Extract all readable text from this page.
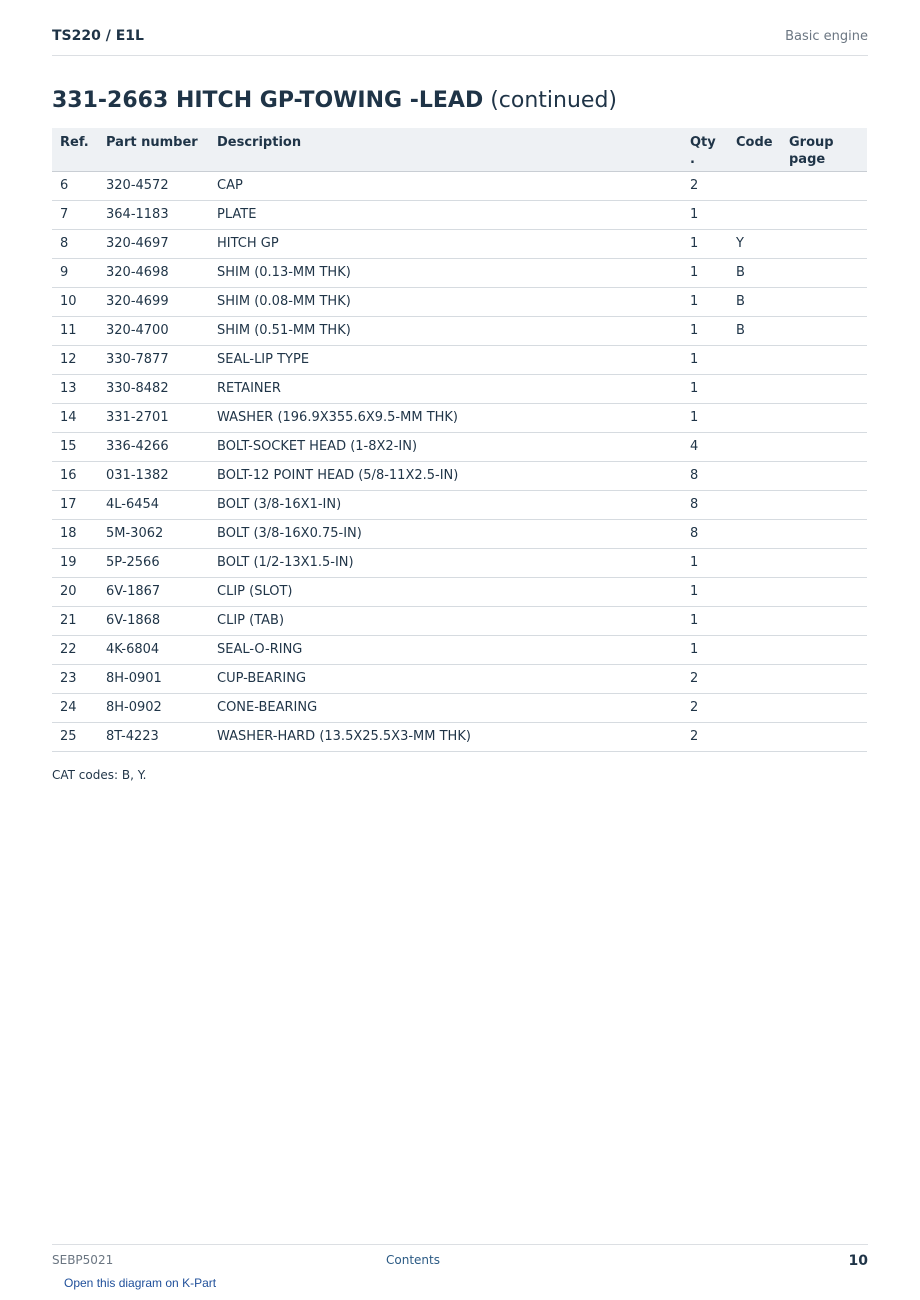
TS220 / E1L	Basic engine
331-2663 HITCH GP-TOWING -LEAD (continued)
Ref.	Part number	Description	Qty .	Code	Group page
6	320-4572	CAP	2		
7	364-1183	PLATE	1		
8	320-4697	HITCH GP	1	Y	
9	320-4698	SHIM (0.13-MM THK)	1	B	
10	320-4699	SHIM (0.08-MM THK)	1	B	
11	320-4700	SHIM (0.51-MM THK)	1	B	
12	330-7877	SEAL-LIP TYPE	1		
13	330-8482	RETAINER	1		
14	331-2701	WASHER (196.9X355.6X9.5-MM THK)	1		
15	336-4266	BOLT-SOCKET HEAD (1-8X2-IN)	4		
16	031-1382	BOLT-12 POINT HEAD (5/8-11X2.5-IN)	8		
17	4L-6454	BOLT (3/8-16X1-IN)	8		
18	5M-3062	BOLT (3/8-16X0.75-IN)	8		
19	5P-2566	BOLT (1/2-13X1.5-IN)	1		
20	6V-1867	CLIP (SLOT)	1		
21	6V-1868	CLIP (TAB)	1		
22	4K-6804	SEAL-O-RING	1		
23	8H-0901	CUP-BEARING	2		
24	8H-0902	CONE-BEARING	2		
25	8T-4223	WASHER-HARD (13.5X25.5X3-MM THK)	2		
CAT codes: B, Y.
SEBP5021	Contents	10
Open this diagram on K-Part
